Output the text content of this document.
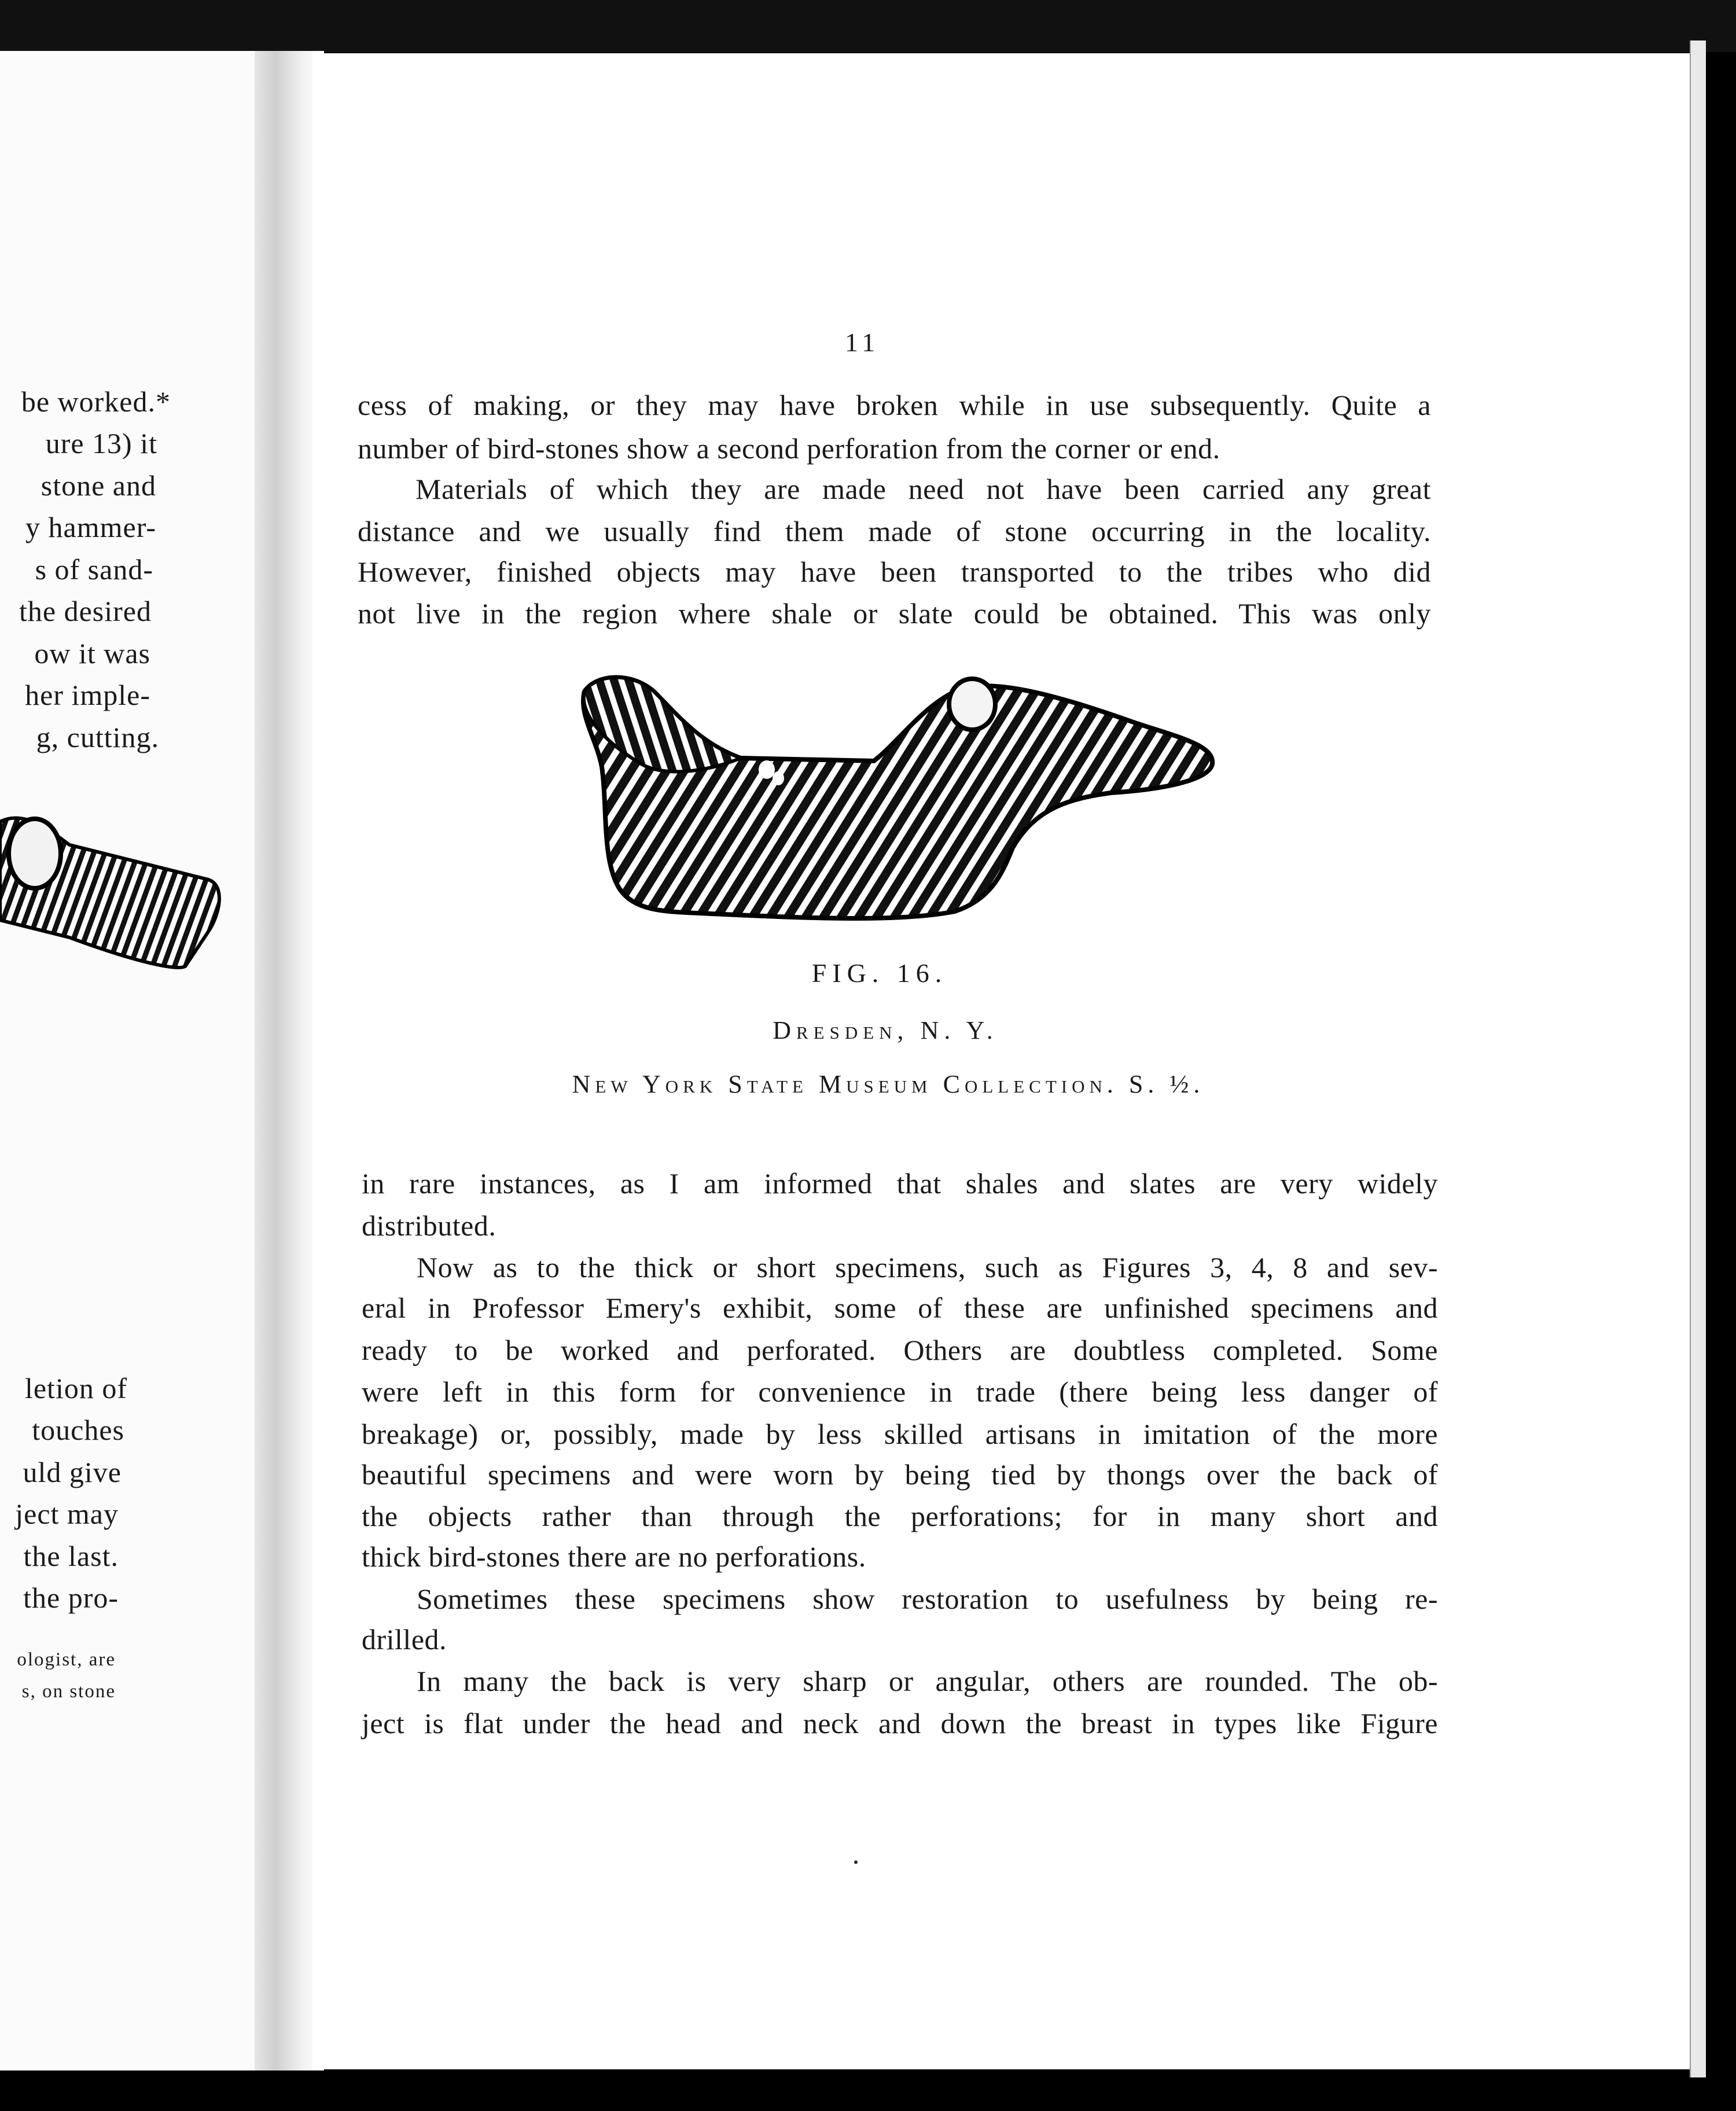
be worked.*
ure 13) it
stone and
y hammer-
s of sand-
the desired
ow it was
her imple-
g, cutting.
letion of
touches
uld give
ject may
the last.
the pro-
ologist, are
s, on stone
11
cess of making, or they may have broken while in use subsequently. Quite a
number of bird-stones show a second perforation from the corner or end.
Materials of which they are made need not have been carried any great
distance and we usually find them made of stone occurring in the locality.
However, finished objects may have been transported to the tribes who did
not live in the region where shale or slate could be obtained. This was only
FIG. 16.
Dresden, N. Y.
New York State Museum Collection. S. ½.
in rare instances, as I am informed that shales and slates are very widely
distributed.
Now as to the thick or short specimens, such as Figures 3, 4, 8 and sev-
eral in Professor Emery's exhibit, some of these are unfinished specimens and
ready to be worked and perforated. Others are doubtless completed. Some
were left in this form for convenience in trade (there being less danger of
breakage) or, possibly, made by less skilled artisans in imitation of the more
beautiful specimens and were worn by being tied by thongs over the back of
the objects rather than through the perforations; for in many short and
thick bird-stones there are no perforations.
Sometimes these specimens show restoration to usefulness by being re-
drilled.
In many the back is very sharp or angular, others are rounded. The ob-
ject is flat under the head and neck and down the breast in types like Figure
